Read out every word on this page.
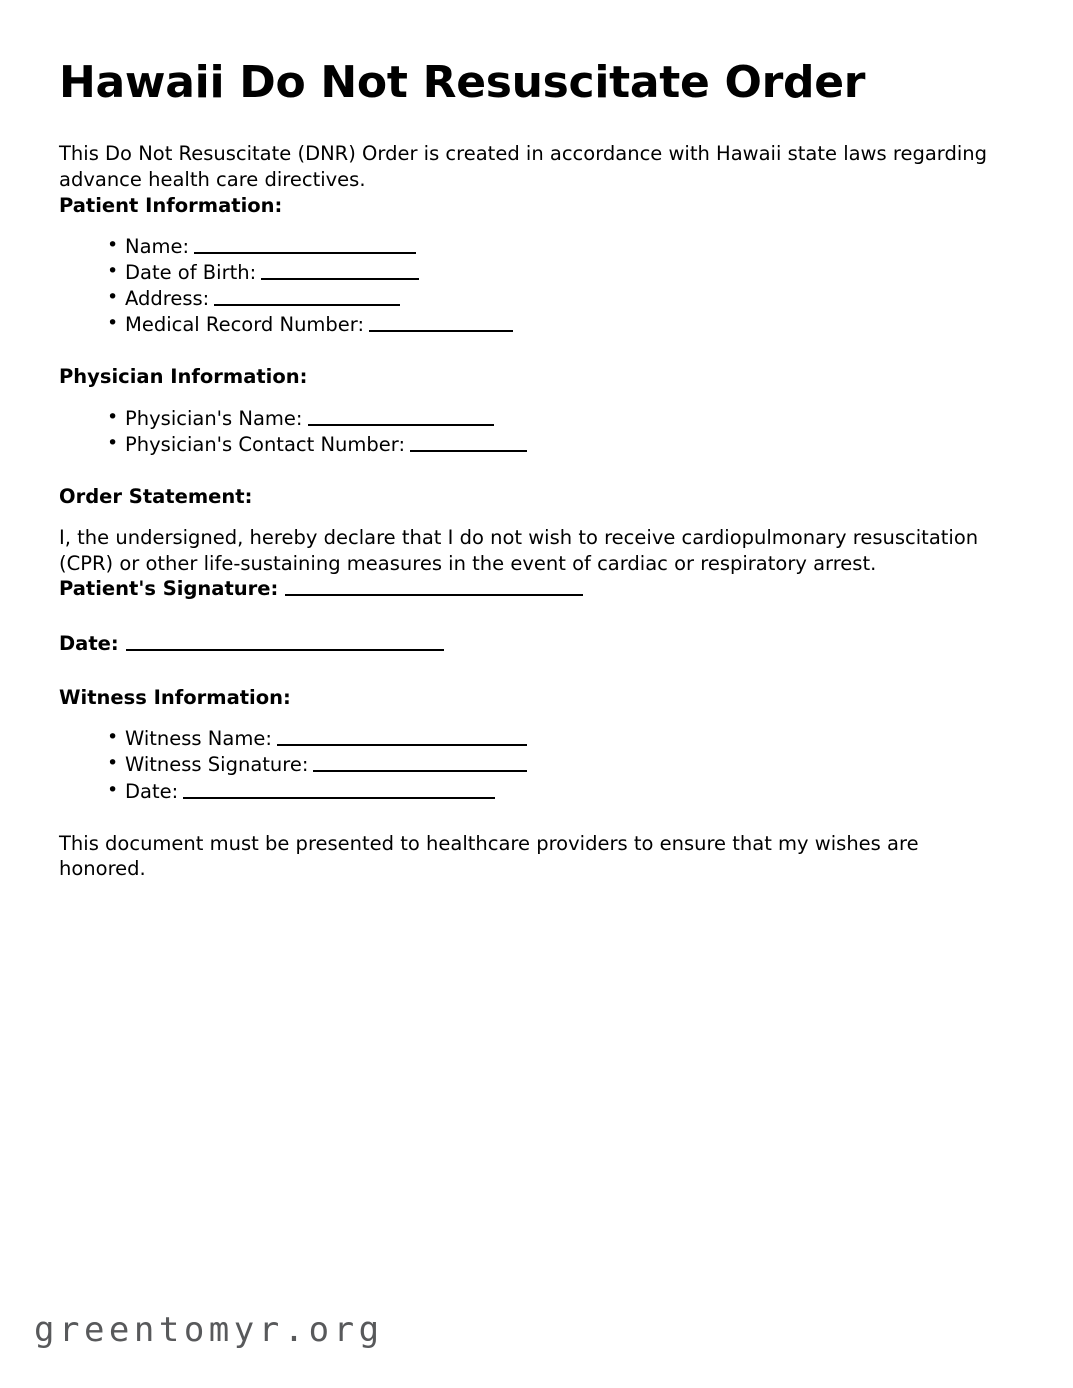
Hawaii Do Not Resuscitate Order

This Do Not Resuscitate (DNR) Order is created in accordance with Hawaii state laws regarding advance health care directives.

Patient Information:
• Name:
• Date of Birth:
• Address:
• Medical Record Number:
Physician Information:
• Physician's Name:
• Physician's Contact Number:
Order Statement:

I, the undersigned, hereby declare that I do not wish to receive cardiopulmonary resuscitation (CPR) or other life-sustaining measures in the event of cardiac or respiratory arrest.

Patient's Signature:
Date:
Witness Information:
• Witness Name:
• Witness Signature:
• Date:

This document must be presented to healthcare providers to ensure that my wishes are honored.

greentomyr.org
